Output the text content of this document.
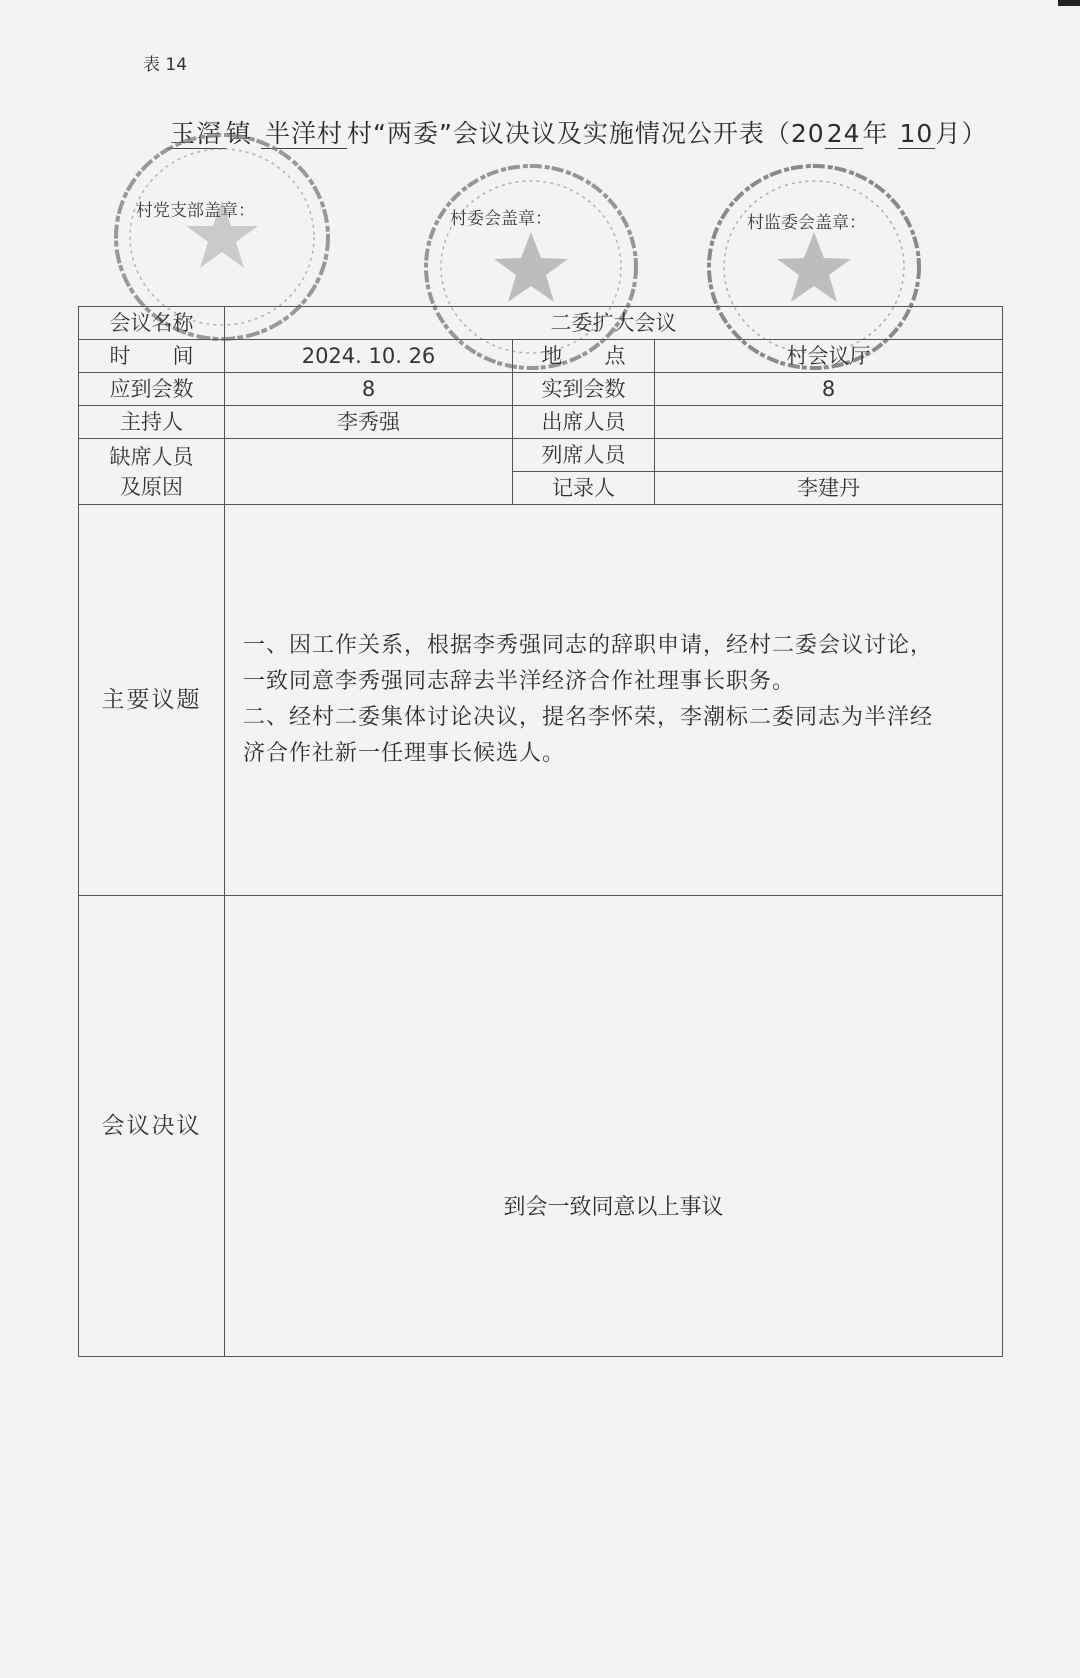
表 14
玉滘 镇 半洋村 村“两委”会议决议及实施情况公开表（2024年 10月）
村党支部盖章：	村委会盖章：	村监委会盖章：
会议名称	二委扩大会议		
时　　间	2024. 10. 26	地　　点	村会议厅
应到会数	8	实到会数	8
主持人	李秀强	出席人员	

缺席人员
及原因		列席人员	
		记录人	李建丹
主要议题	一、因工作关系，根据李秀强同志的辞职申请，经村二委会议讨论，
一致同意李秀强同志辞去半洋经济合作社理事长职务。
二、经村二委集体讨论决议，提名李怀荣，李潮标二委同志为半洋经
济合作社新一任理事长候选人。		

会议决议	到会一致同意以上事议		
